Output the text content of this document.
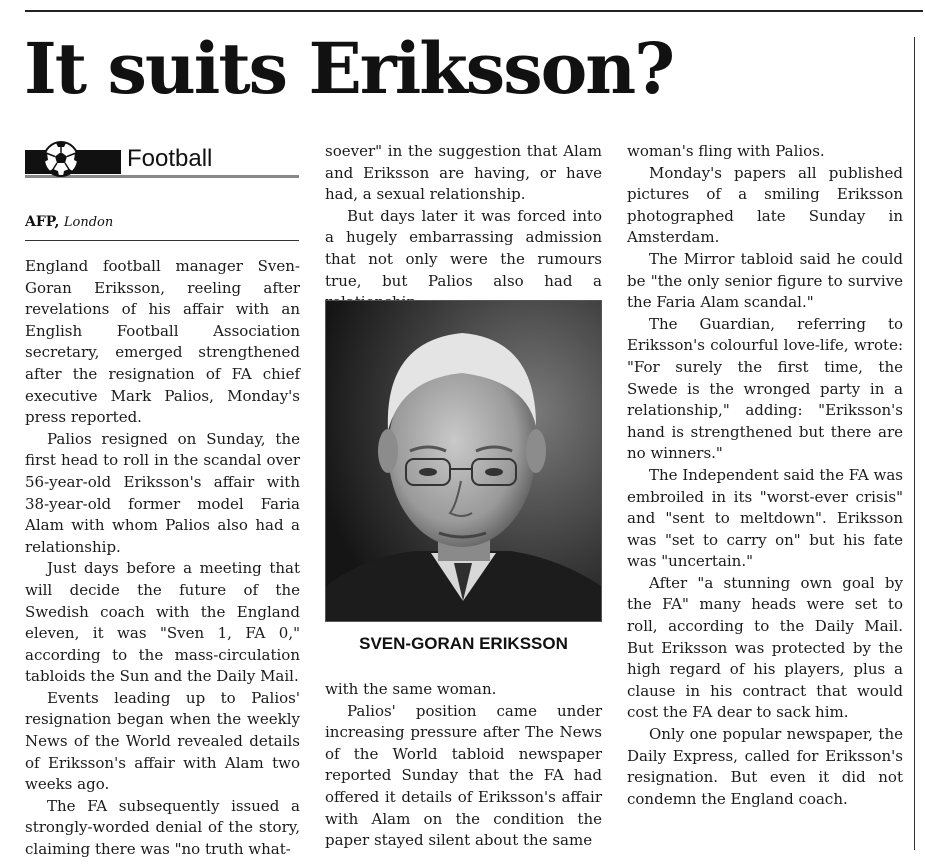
It suits Eriksson?
Football
AFP, London

England football manager Sven-Goran Eriksson, reeling after revelations of his affair with an English Football Association secretary, emerged strengthened after the resignation of FA chief executive Mark Palios, Monday's press reported.

Palios resigned on Sunday, the first head to roll in the scandal over 56-year-old Eriksson's affair with 38-year-old former model Faria Alam with whom Palios also had a relationship.

Just days before a meeting that will decide the future of the Swedish coach with the England eleven, it was "Sven 1, FA 0," according to the mass-circulation tabloids the Sun and the Daily Mail.

Events leading up to Palios' resignation began when the weekly News of the World revealed details of Eriksson's affair with Alam two weeks ago.

The FA subsequently issued a strongly-worded denial of the story, claiming there was "no truth what-

soever" in the suggestion that Alam and Eriksson are having, or have had, a sexual relationship.

But days later it was forced into a hugely embarrassing admission that not only were the rumours true, but Palios also had a

SVEN-GORAN ERIKSSON

with the same woman.

Palios' position came under increasing pressure after The News of the World tabloid newspaper reported Sunday that the FA had offered it details of Eriksson's affair with Alam on the condition the paper stayed silent about the same

woman's fling with Palios.

Monday's papers all published pictures of a smiling Eriksson photographed late Sunday in Amsterdam.

The Mirror tabloid said he could be "the only senior figure to survive the Faria Alam scandal."

The Guardian, referring to Eriksson's colourful love-life, wrote: "For surely the first time, the Swede is the wronged party in a relationship," adding: "Eriksson's hand is strengthened but there are no winners."

The Independent said the FA was embroiled in its "worst-ever crisis" and "sent to meltdown". Eriksson was "set to carry on" but his fate was "uncertain."

After "a stunning own goal by the FA" many heads were set to roll, according to the Daily Mail. But Eriksson was protected by the high regard of his players, plus a clause in his contract that would cost the FA dear to sack him.

Only one popular newspaper, the Daily Express, called for Eriksson's resignation. But even it did not condemn the England coach.
